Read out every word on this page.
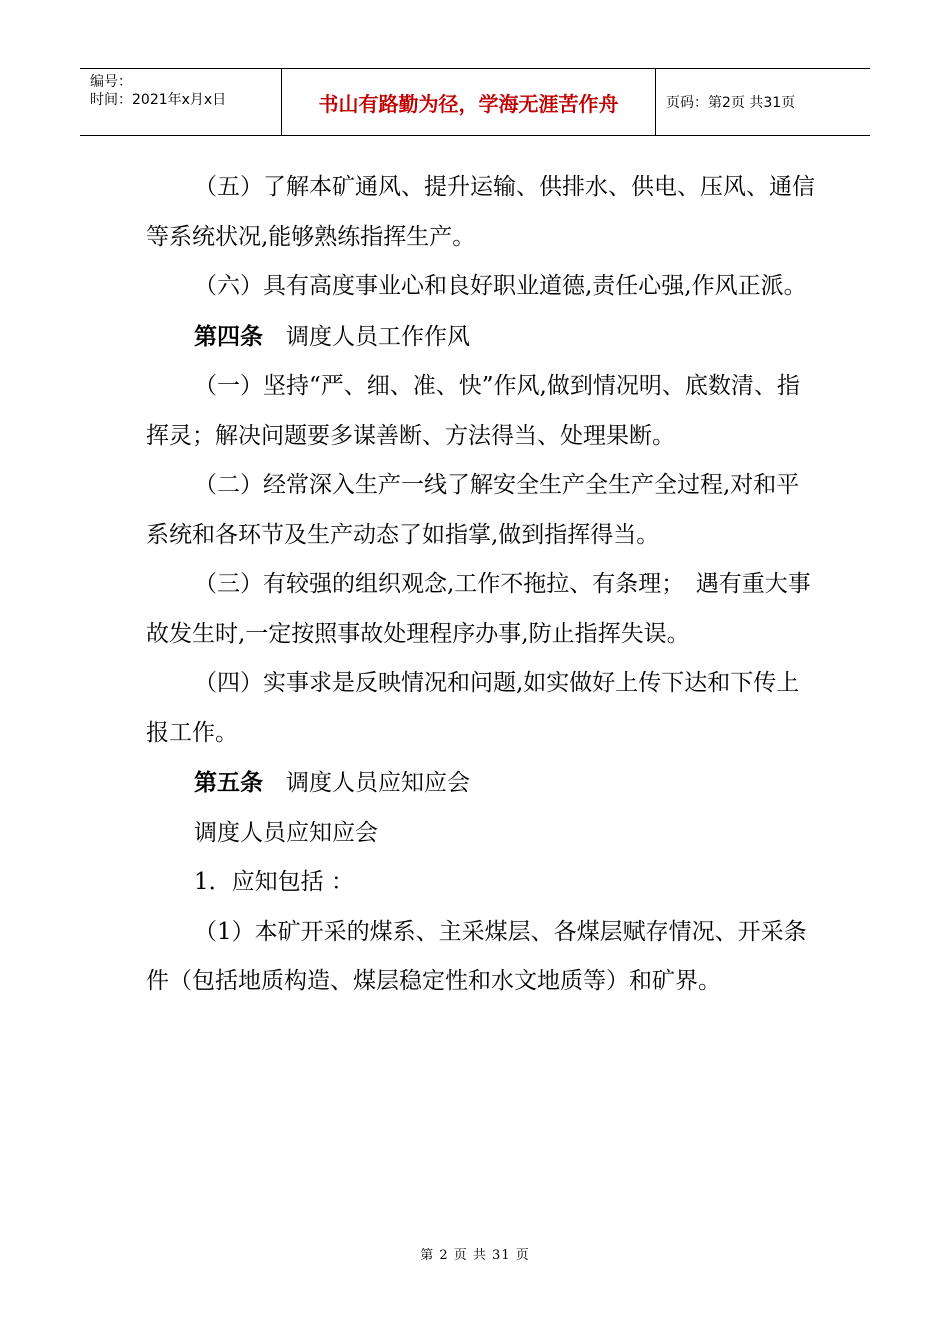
编号：
时间：2021年x月x日	书山有路勤为径，学海无涯苦作舟	页码：第2页 共31页

（五）了解本矿通风、提升运输、供排水、供电、压风、通信等系统状况,能够熟练指挥生产。

（六）具有高度事业心和良好职业道德,责任心强,作风正派。

第四条　调度人员工作作风

（一）坚持“严、细、准、快”作风,做到情况明、底数清、指挥灵；解决问题要多谋善断、方法得当、处理果断。

（二）经常深入生产一线了解安全生产全生产全过程,对和平系统和各环节及生产动态了如指掌,做到指挥得当。

（三）有较强的组织观念,工作不拖拉、有条理；　遇有重大事故发生时,一定按照事故处理程序办事,防止指挥失误。

（四）实事求是反映情况和问题,如实做好上传下达和下传上报工作。

第五条　调度人员应知应会

调度人员应知应会

1．应知包括 ：

（1）本矿开采的煤系、主采煤层、各煤层赋存情况、开采条件（包括地质构造、煤层稳定性和水文地质等）和矿界。

第 2 页 共 31 页
